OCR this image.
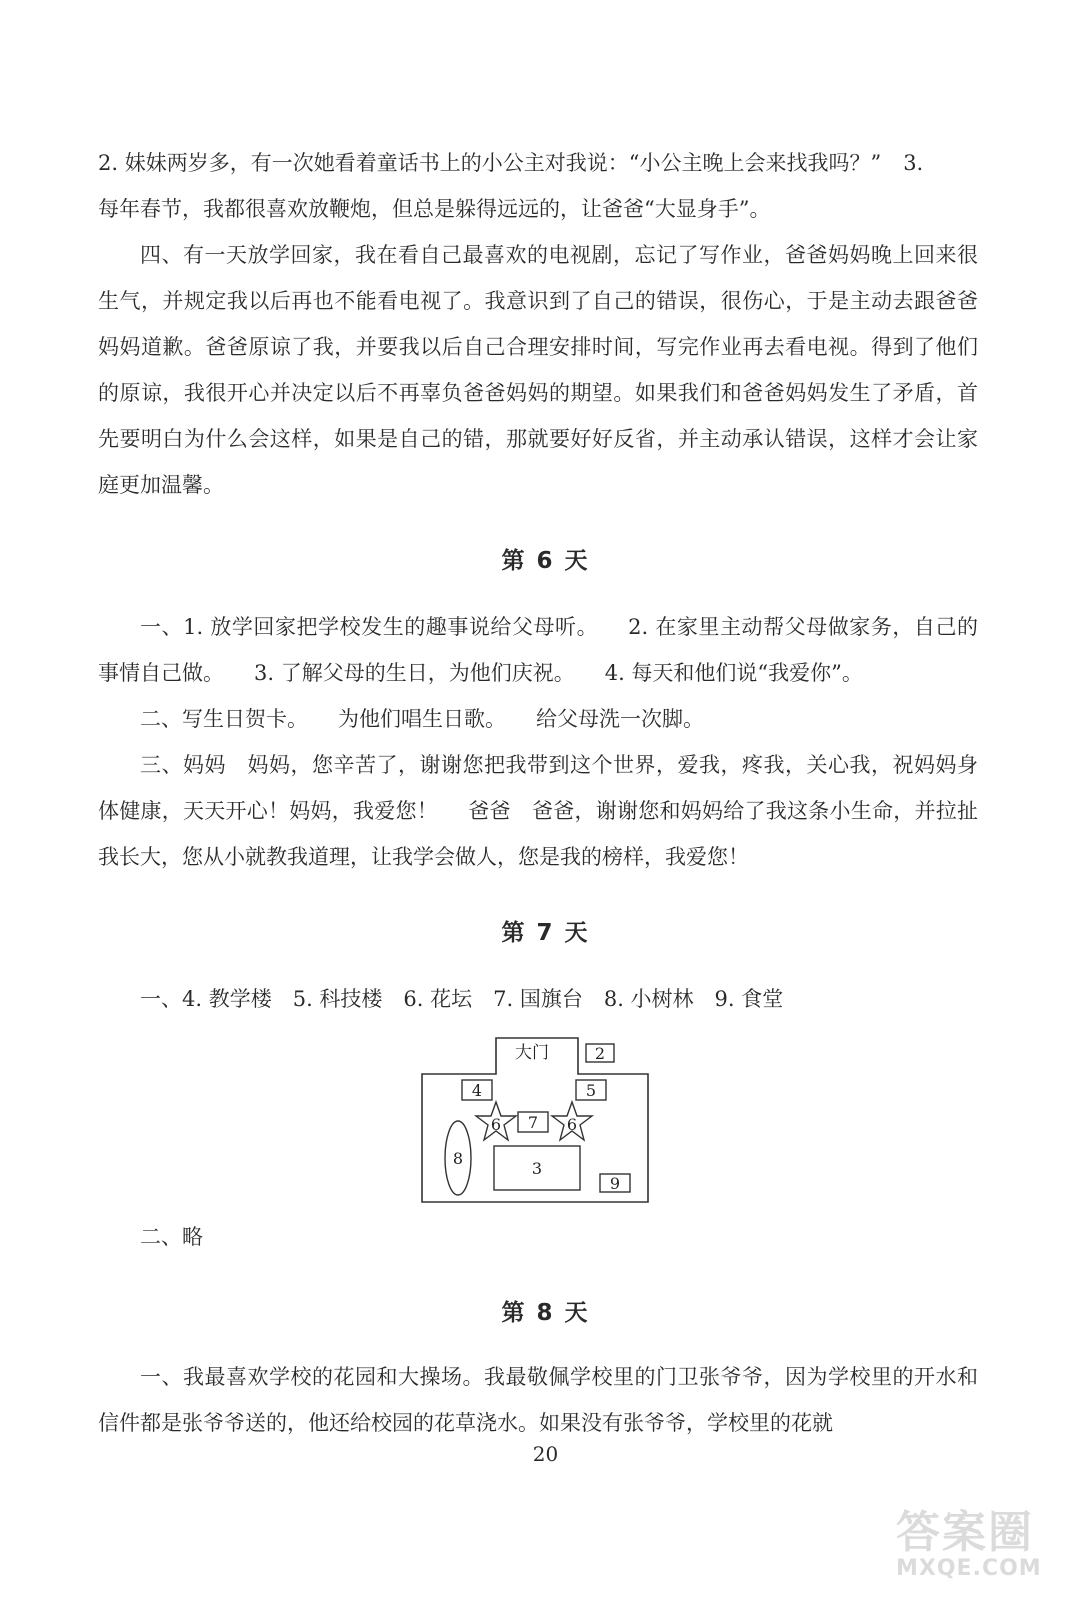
2. 妹妹两岁多，有一次她看着童话书上的小公主对我说：“小公主晚上会来找我吗？” 3.
每年春节，我都很喜欢放鞭炮，但总是躲得远远的，让爸爸“大显身手”。

四、有一天放学回家，我在看自己最喜欢的电视剧，忘记了写作业，爸爸妈妈晚上回来很生气，并规定我以后再也不能看电视了。我意识到了自己的错误，很伤心，于是主动去跟爸爸妈妈道歉。爸爸原谅了我，并要我以后自己合理安排时间，写完作业再去看电视。得到了他们的原谅，我很开心并决定以后不再辜负爸爸妈妈的期望。如果我们和爸爸妈妈发生了矛盾，首先要明白为什么会这样，如果是自己的错，那就要好好反省，并主动承认错误，这样才会让家庭更加温馨。

第 6 天

一、1. 放学回家把学校发生的趣事说给父母听。 2. 在家里主动帮父母做家务，自己的事情自己做。 3. 了解父母的生日，为他们庆祝。 4. 每天和他们说“我爱你”。

二、写生日贺卡。 为他们唱生日歌。 给父母洗一次脚。

三、妈妈　妈妈，您辛苦了，谢谢您把我带到这个世界，爱我，疼我，关心我，祝妈妈身体健康，天天开心！妈妈，我爱您！ 爸爸　爸爸，谢谢您和妈妈给了我这条小生命，并拉扯我长大，您从小就教我道理，让我学会做人，您是我的榜样，我爱您！

第 7 天

一、4. 教学楼　5. 科技楼　6. 花坛　7. 国旗台　8. 小树林　9. 食堂

大门	2
4	5
6	6
7
8
3
9

二、略

第 8 天

一、我最喜欢学校的花园和大操场。我最敬佩学校里的门卫张爷爷，因为学校里的开水和信件都是张爷爷送的，他还给校园的花草浇水。如果没有张爷爷，学校里的花就

20
答案圈
MXQE.COM
